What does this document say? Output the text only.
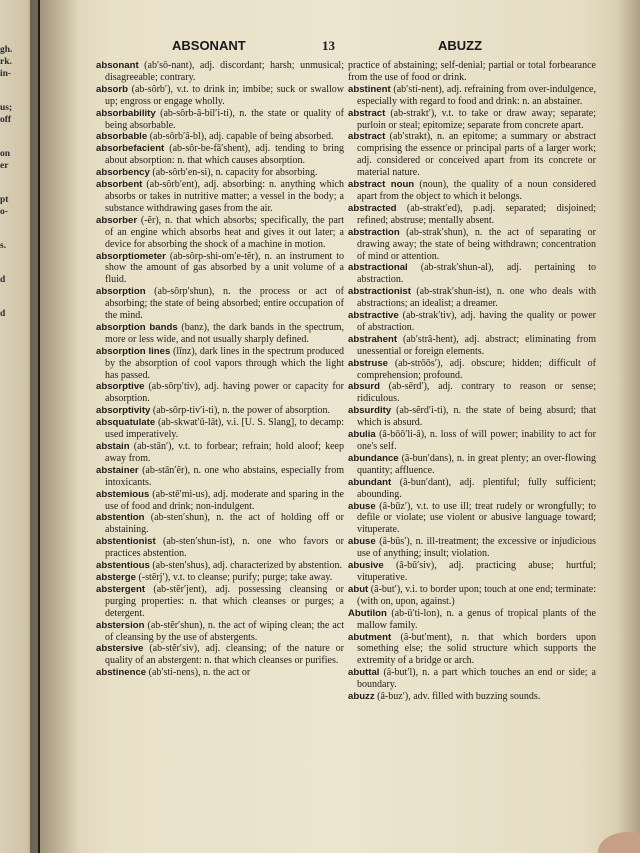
gh.
rk.
in-
us;
off
on
er
pt
o-
s.
d
d
ABSONANT	13	ABUZZ

absonant (ab′sō-nant), adj. discordant; harsh; unmusical; disagreeable; contrary.

absorb (ab-sôrb′), v.t. to drink in; imbibe; suck or swallow up; engross or engage wholly.

absorbability (ab-sôrb-â-bil′i-ti), n. the state or quality of being absorbable.

absorbable (ab-sôrb′â-bl), adj. capable of being absorbed.

absorbefacient (ab-sôr-be-fā′shent), adj. tending to bring about absorption: n. that which causes absorption.

absorbency (ab-sôrb′en-si), n. capacity for absorbing.

absorbent (ab-sôrb′ent), adj. absorbing: n. anything which absorbs or takes in nutritive matter; a vessel in the body; a substance withdrawing gases from the air.

absorber (-ẽr), n. that which absorbs; specifically, the part of an engine which absorbs heat and gives it out later; a device for absorbing the shock of a machine in motion.

absorptiometer (ab-sôrp-shi-om′e-tẽr), n. an instrument to show the amount of gas absorbed by a unit volume of a fluid.

absorption (ab-sôrp′shun), n. the process or act of absorbing; the state of being absorbed; entire occupation of the mind.

absorption bands (banz), the dark bands in the spectrum, more or less wide, and not usually sharply defined.

absorption lines (līnz), dark lines in the spectrum produced by the absorption of cool vapors through which the light has passed.

absorptive (ab-sôrp′tiv), adj. having power or capacity for absorption.

absorptivity (ab-sôrp-tiv′i-ti), n. the power of absorption.

absquatulate (ab-skwat′ū-lāt), v.i. [U. S. Slang], to decamp: used imperatively.

abstain (ab-stān′), v.t. to forbear; refrain; hold aloof; keep away from.

abstainer (ab-stān′ẽr), n. one who abstains, especially from intoxicants.

abstemious (ab-stē′mi-us), adj. moderate and sparing in the use of food and drink; non-indulgent.

abstention (ab-sten′shun), n. the act of holding off or abstaining.

abstentionist (ab-sten′shun-ist), n. one who favors or practices abstention.

abstentious (ab-sten′shus), adj. characterized by abstention.

absterge (-stẽrj′), v.t. to cleanse; purify; purge; take away.

abstergent (ab-stẽr′jent), adj. possessing cleansing or purging properties: n. that which cleanses or purges; a detergent.

abstersion (ab-stẽr′shun), n. the act of wiping clean; the act of cleansing by the use of abstergents.

abstersive (ab-stẽr′siv), adj. cleansing; of the nature or quality of an abstergent: n. that which cleanses or purifies.

abstinence (ab′sti-nens), n. the act or

practice of abstaining; self-denial; partial or total forbearance from the use of food or drink.

abstinent (ab′sti-nent), adj. refraining from over-indulgence, especially with regard to food and drink: n. an abstainer.

abstract (ab-strakt′), v.t. to take or draw away; separate; purloin or steal; epitomize; separate from concrete apart.

abstract (ab′strakt), n. an epitome; a summary or abstract comprising the essence or principal parts of a larger work; adj. considered or conceived apart from its concrete or material nature.

abstract noun (noun), the quality of a noun considered apart from the object to which it belongs.

abstracted (ab-strakt′ed), p.adj. separated; disjoined; refined; abstruse; mentally absent.

abstraction (ab-strak′shun), n. the act of separating or drawing away; the state of being withdrawn; concentration of mind or attention.

abstractional (ab-strak′shun-al), adj. pertaining to abstraction.

abstractionist (ab-strak′shun-ist), n. one who deals with abstractions; an idealist; a dreamer.

abstractive (ab-strak′tiv), adj. having the quality or power of abstraction.

abstrahent (ab′strâ-hent), adj. abstract; eliminating from unessential or foreign elements.

abstruse (ab-strōōs′), adj. obscure; hidden; difficult of comprehension; profound.

absurd (ab-sẽrd′), adj. contrary to reason or sense; ridiculous.

absurdity (ab-sẽrd′i-ti), n. the state of being absurd; that which is absurd.

abulia (â-bōō′li-â), n. loss of will power; inability to act for one's self.

abundance (â-bun′dans), n. in great plenty; an over-flowing quantity; affluence.

abundant (â-bun′dant), adj. plentiful; fully sufficient; abounding.

abuse (â-būz′), v.t. to use ill; treat rudely or wrongfully; to defile or violate; use violent or abusive language toward; vituperate.

abuse (â-būs′), n. ill-treatment; the excessive or injudicious use of anything; insult; violation.

abusive (â-bū′siv), adj. practicing abuse; hurtful; vituperative.

abut (â-but′), v.i. to border upon; touch at one end; terminate: (with on, upon, against.)

Abutilon (ab-ū′ti-lon), n. a genus of tropical plants of the mallow family.

abutment (â-but′ment), n. that which borders upon something else; the solid structure which supports the extremity of a bridge or arch.

abuttal (â-but′l), n. a part which touches an end or side; a boundary.

abuzz (â-buz′), adv. filled with buzzing sounds.
